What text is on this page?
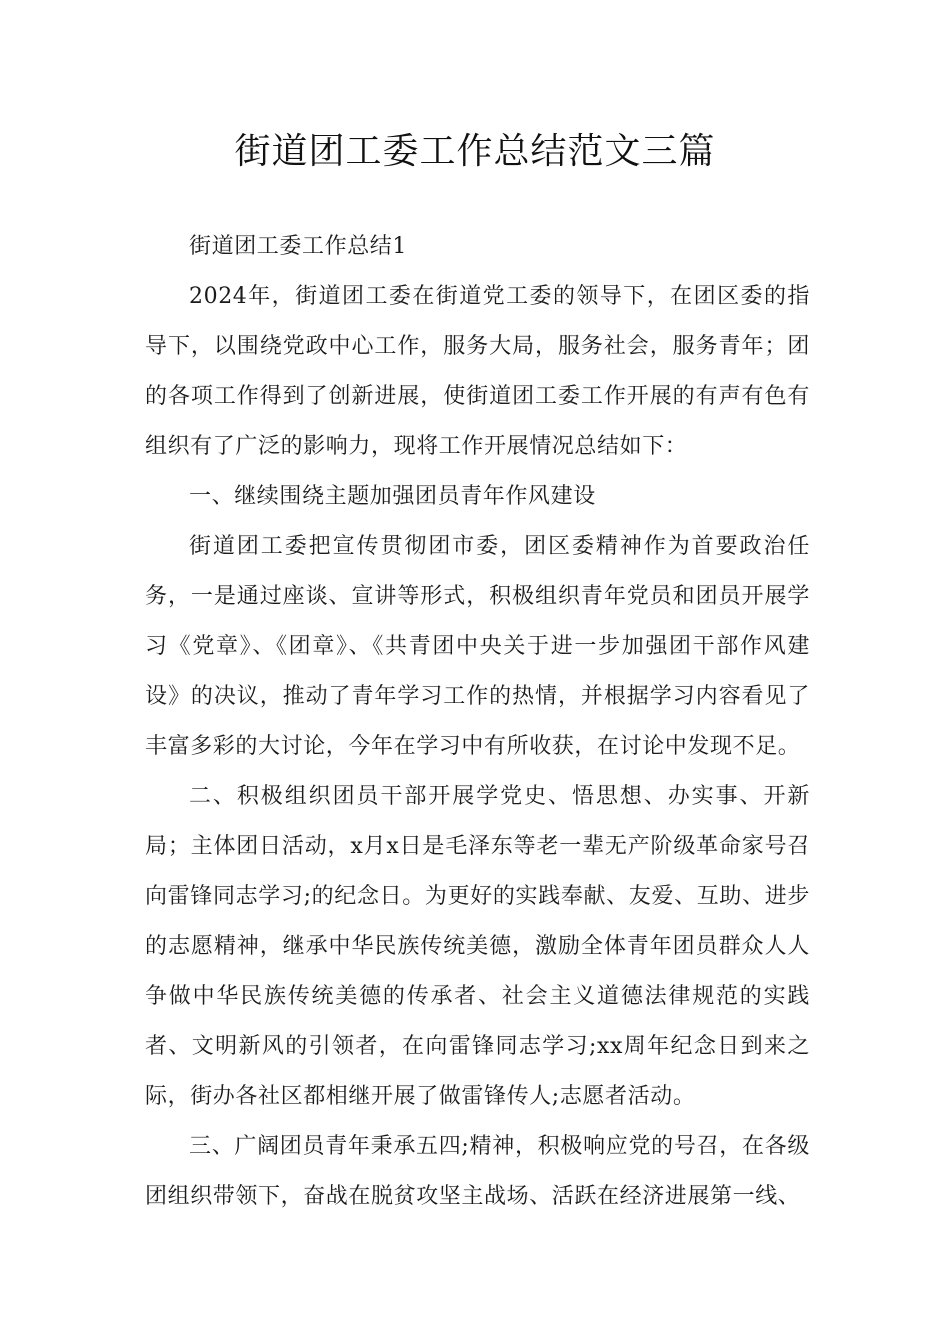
街道团工委工作总结范文三篇

街道团工委工作总结1

2024年，街道团工委在街道党工委的领导下，在团区委的指导下，以围绕党政中心工作，服务大局，服务社会，服务青年；团的各项工作得到了创新进展，使街道团工委工作开展的有声有色有组织有了广泛的影响力，现将工作开展情况总结如下：

一、继续围绕主题加强团员青年作风建设

街道团工委把宣传贯彻团市委，团区委精神作为首要政治任务，一是通过座谈、宣讲等形式，积极组织青年党员和团员开展学习《党章》、《团章》、《共青团中央关于进一步加强团干部作风建设》的决议，推动了青年学习工作的热情，并根据学习内容看见了丰富多彩的大讨论，今年在学习中有所收获，在讨论中发现不足。

二、积极组织团员干部开展学党史、悟思想、办实事、开新局；主体团日活动，x月x日是毛泽东等老一辈无产阶级革命家号召向雷锋同志学习;的纪念日。为更好的实践奉献、友爱、互助、进步的志愿精神，继承中华民族传统美德，激励全体青年团员群众人人争做中华民族传统美德的传承者、社会主义道德法律规范的实践者、文明新风的引领者，在向雷锋同志学习;xx周年纪念日到来之际，街办各社区都相继开展了做雷锋传人;志愿者活动。

三、广阔团员青年秉承五四;精神，积极响应党的号召，在各级团组织带领下，奋战在脱贫攻坚主战场、活跃在经济进展第一线、
